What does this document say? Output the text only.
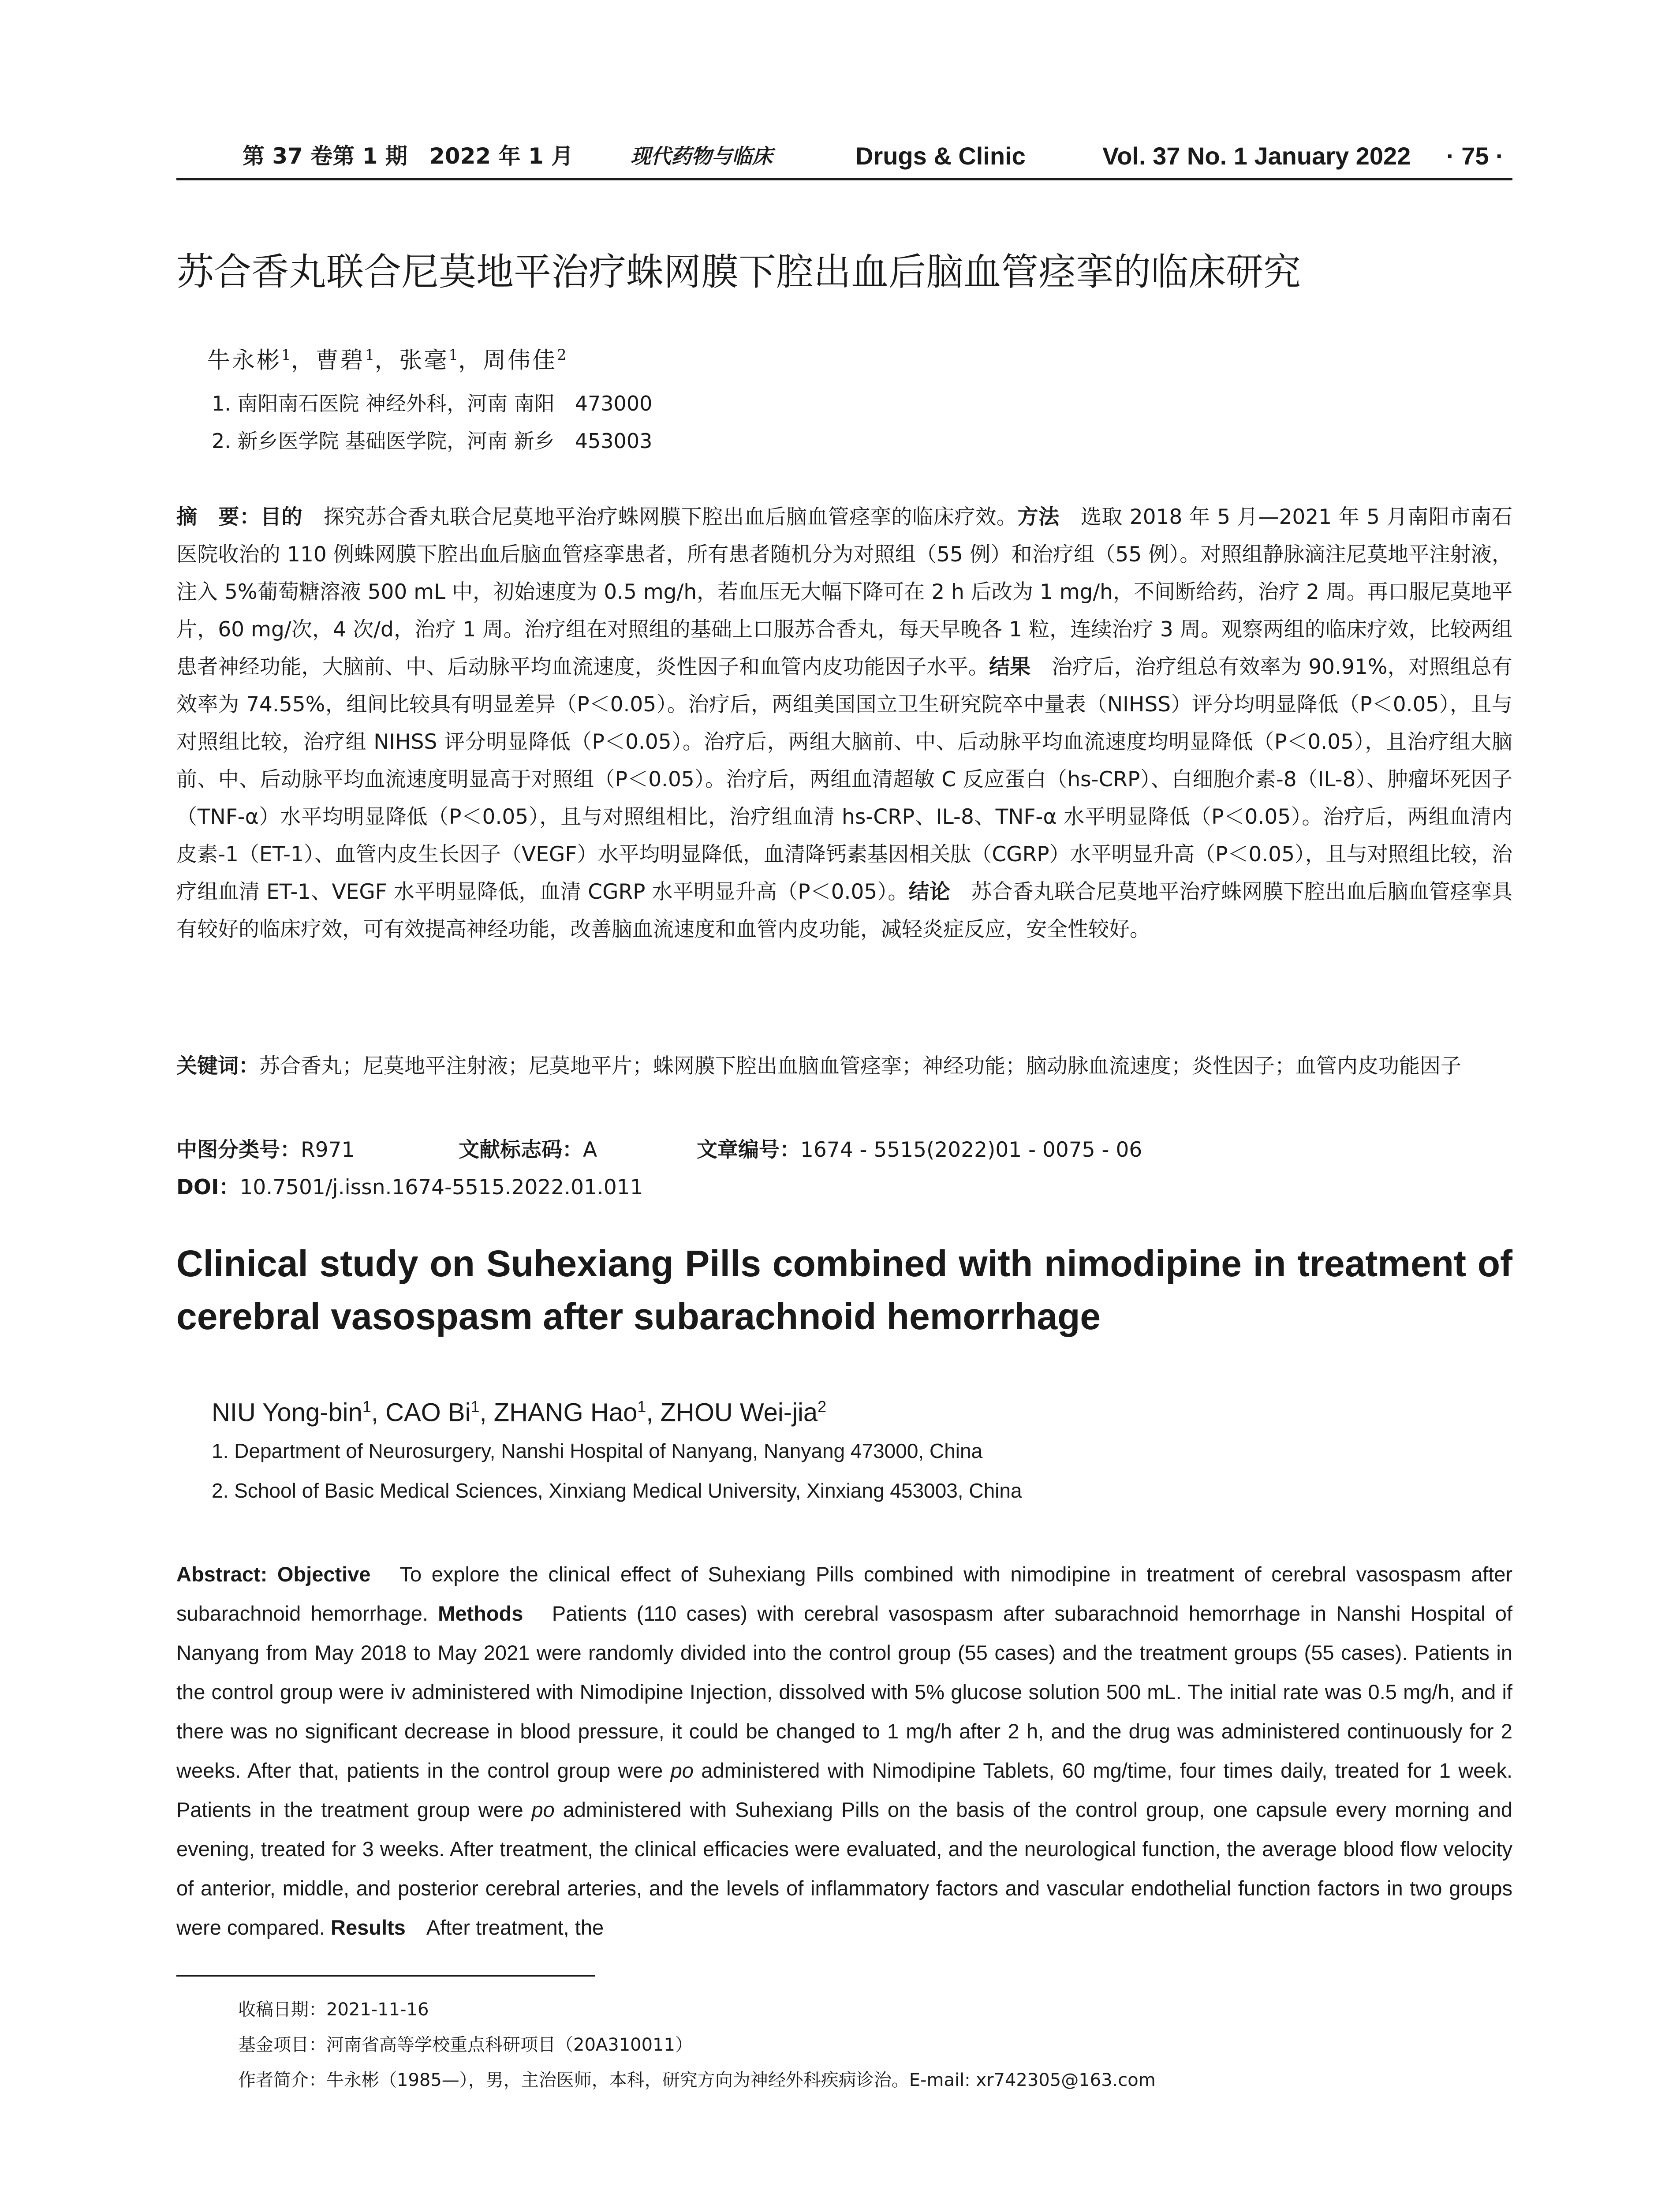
第 37 卷第 1 期　2022 年 1 月	现代药物与临床	Drugs & Clinic	Vol. 37 No. 1 January 2022 · 75 ·
苏合香丸联合尼莫地平治疗蛛网膜下腔出血后脑血管痉挛的临床研究
牛永彬$^1$，曹碧$^1$，张毫$^1$，周伟佳$^2$
1. 南阳南石医院 神经外科，河南 南阳　473000
2. 新乡医学院 基础医学院，河南 新乡　453003
摘　要：目的　探究苏合香丸联合尼莫地平治疗蛛网膜下腔出血后脑血管痉挛的临床疗效。方法　选取 2018 年 5 月—2021 年 5 月南阳市南石医院收治的 110 例蛛网膜下腔出血后脑血管痉挛患者，所有患者随机分为对照组（55 例）和治疗组（55 例）。对照组静脉滴注尼莫地平注射液，注入 5%葡萄糖溶液 500 mL 中，初始速度为 0.5 mg/h，若血压无大幅下降可在 2 h 后改为 1 mg/h，不间断给药，治疗 2 周。再口服尼莫地平片，60 mg/次，4 次/d，治疗 1 周。治疗组在对照组的基础上口服苏合香丸，每天早晚各 1 粒，连续治疗 3 周。观察两组的临床疗效，比较两组患者神经功能，大脑前、中、后动脉平均血流速度，炎性因子和血管内皮功能因子水平。结果　治疗后，治疗组总有效率为 90.91%，对照组总有效率为 74.55%，组间比较具有明显差异（P＜0.05）。治疗后，两组美国国立卫生研究院卒中量表（NIHSS）评分均明显降低（P＜0.05），且与对照组比较，治疗组 NIHSS 评分明显降低（P＜0.05）。治疗后，两组大脑前、中、后动脉平均血流速度均明显降低（P＜0.05），且治疗组大脑前、中、后动脉平均血流速度明显高于对照组（P＜0.05）。治疗后，两组血清超敏 C 反应蛋白（hs-CRP）、白细胞介素-8（IL-8）、肿瘤坏死因子（TNF-α）水平均明显降低（P＜0.05），且与对照组相比，治疗组血清 hs-CRP、IL-8、TNF-α 水平明显降低（P＜0.05）。治疗后，两组血清内皮素-1（ET-1）、血管内皮生长因子（VEGF）水平均明显降低，血清降钙素基因相关肽（CGRP）水平明显升高（P＜0.05），且与对照组比较，治疗组血清 ET-1、VEGF 水平明显降低，血清 CGRP 水平明显升高（P＜0.05）。结论　苏合香丸联合尼莫地平治疗蛛网膜下腔出血后脑血管痉挛具有较好的临床疗效，可有效提高神经功能，改善脑血流速度和血管内皮功能，减轻炎症反应，安全性较好。
关键词：苏合香丸；尼莫地平注射液；尼莫地平片；蛛网膜下腔出血脑血管痉挛；神经功能；脑动脉血流速度；炎性因子；血管内皮功能因子
中图分类号：R971	文献标志码：A	文章编号：1674 - 5515(2022)01 - 0075 - 06
DOI：10.7501/j.issn.1674-5515.2022.01.011
Clinical study on Suhexiang Pills combined with nimodipine in treatment of cerebral vasospasm after subarachnoid hemorrhage
NIU Yong-bin$^1$, CAO Bi$^1$, ZHANG Hao$^1$, ZHOU Wei-jia$^2$
1. Department of Neurosurgery, Nanshi Hospital of Nanyang, Nanyang 473000, China
2. School of Basic Medical Sciences, Xinxiang Medical University, Xinxiang 453003, China
Abstract: Objective　To explore the clinical effect of Suhexiang Pills combined with nimodipine in treatment of cerebral vasospasm after subarachnoid hemorrhage. Methods　Patients (110 cases) with cerebral vasospasm after subarachnoid hemorrhage in Nanshi Hospital of Nanyang from May 2018 to May 2021 were randomly divided into the control group (55 cases) and the treatment groups (55 cases). Patients in the control group were iv administered with Nimodipine Injection, dissolved with 5% glucose solution 500 mL. The initial rate was 0.5 mg/h, and if there was no significant decrease in blood pressure, it could be changed to 1 mg/h after 2 h, and the drug was administered continuously for 2 weeks. After that, patients in the control group were po administered with Nimodipine Tablets, 60 mg/time, four times daily, treated for 1 week. Patients in the treatment group were po administered with Suhexiang Pills on the basis of the control group, one capsule every morning and evening, treated for 3 weeks. After treatment, the clinical efficacies were evaluated, and the neurological function, the average blood flow velocity of anterior, middle, and posterior cerebral arteries, and the levels of inflammatory factors and vascular endothelial function factors in two groups were compared. Results　After treatment, the
收稿日期：2021-11-16
基金项目：河南省高等学校重点科研项目（20A310011）
作者简介：牛永彬（1985—），男，主治医师，本科，研究方向为神经外科疾病诊治。E-mail: xr742305@163.com
